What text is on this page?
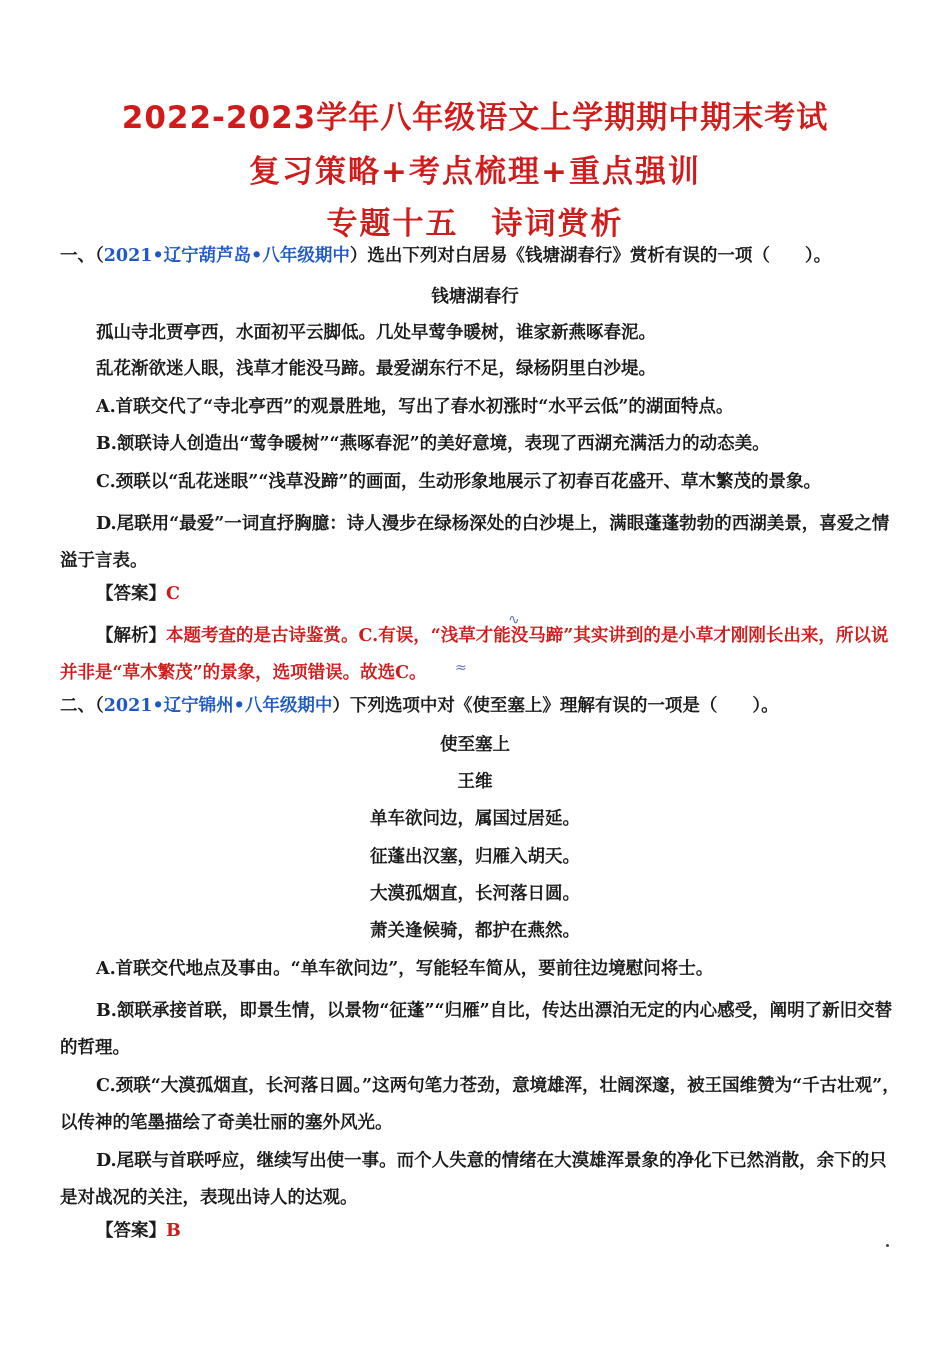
2022-2023学年八年级语文上学期期中期末考试
复习策略+考点梳理+重点强训
专题十五　诗词赏析
一、（2021•辽宁葫芦岛•八年级期中）选出下列对白居易《钱塘湖春行》赏析有误的一项（　　）。
钱塘湖春行
孤山寺北贾亭西，水面初平云脚低。几处早莺争暖树，谁家新燕啄春泥。
乱花渐欲迷人眼，浅草才能没马蹄。最爱湖东行不足，绿杨阴里白沙堤。
A.首联交代了“寺北亭西”的观景胜地，写出了春水初涨时“水平云低”的湖面特点。
B.颔联诗人创造出“莺争暖树”“燕啄春泥”的美好意境，表现了西湖充满活力的动态美。
C.颈联以“乱花迷眼”“浅草没蹄”的画面，生动形象地展示了初春百花盛开、草木繁茂的景象。
D.尾联用“最爱”一词直抒胸臆：诗人漫步在绿杨深处的白沙堤上，满眼蓬蓬勃勃的西湖美景，喜爱之情溢于言表。
【答案】C
【解析】本题考查的是古诗鉴赏。C.有误，“浅草才能没马蹄”其实讲到的是小草才刚刚长出来，所以说并非是“草木繁茂”的景象，选项错误。故选C。
∿
≈
二、（2021•辽宁锦州•八年级期中）下列选项中对《使至塞上》理解有误的一项是（　　）。
使至塞上
王维
单车欲问边，属国过居延。
征蓬出汉塞，归雁入胡天。
大漠孤烟直，长河落日圆。
萧关逢候骑，都护在燕然。
A.首联交代地点及事由。“单车欲问边”，写能轻车简从，要前往边境慰问将士。
B.颔联承接首联，即景生情，以景物“征蓬”“归雁”自比，传达出漂泊无定的内心感受，阐明了新旧交替的哲理。
C.颈联“大漠孤烟直，长河落日圆。”这两句笔力苍劲，意境雄浑，壮阔深邃，被王国维赞为“千古壮观”，以传神的笔墨描绘了奇美壮丽的塞外风光。
D.尾联与首联呼应，继续写出使一事。而个人失意的情绪在大漠雄浑景象的净化下已然消散，余下的只是对战况的关注，表现出诗人的达观。
【答案】B
